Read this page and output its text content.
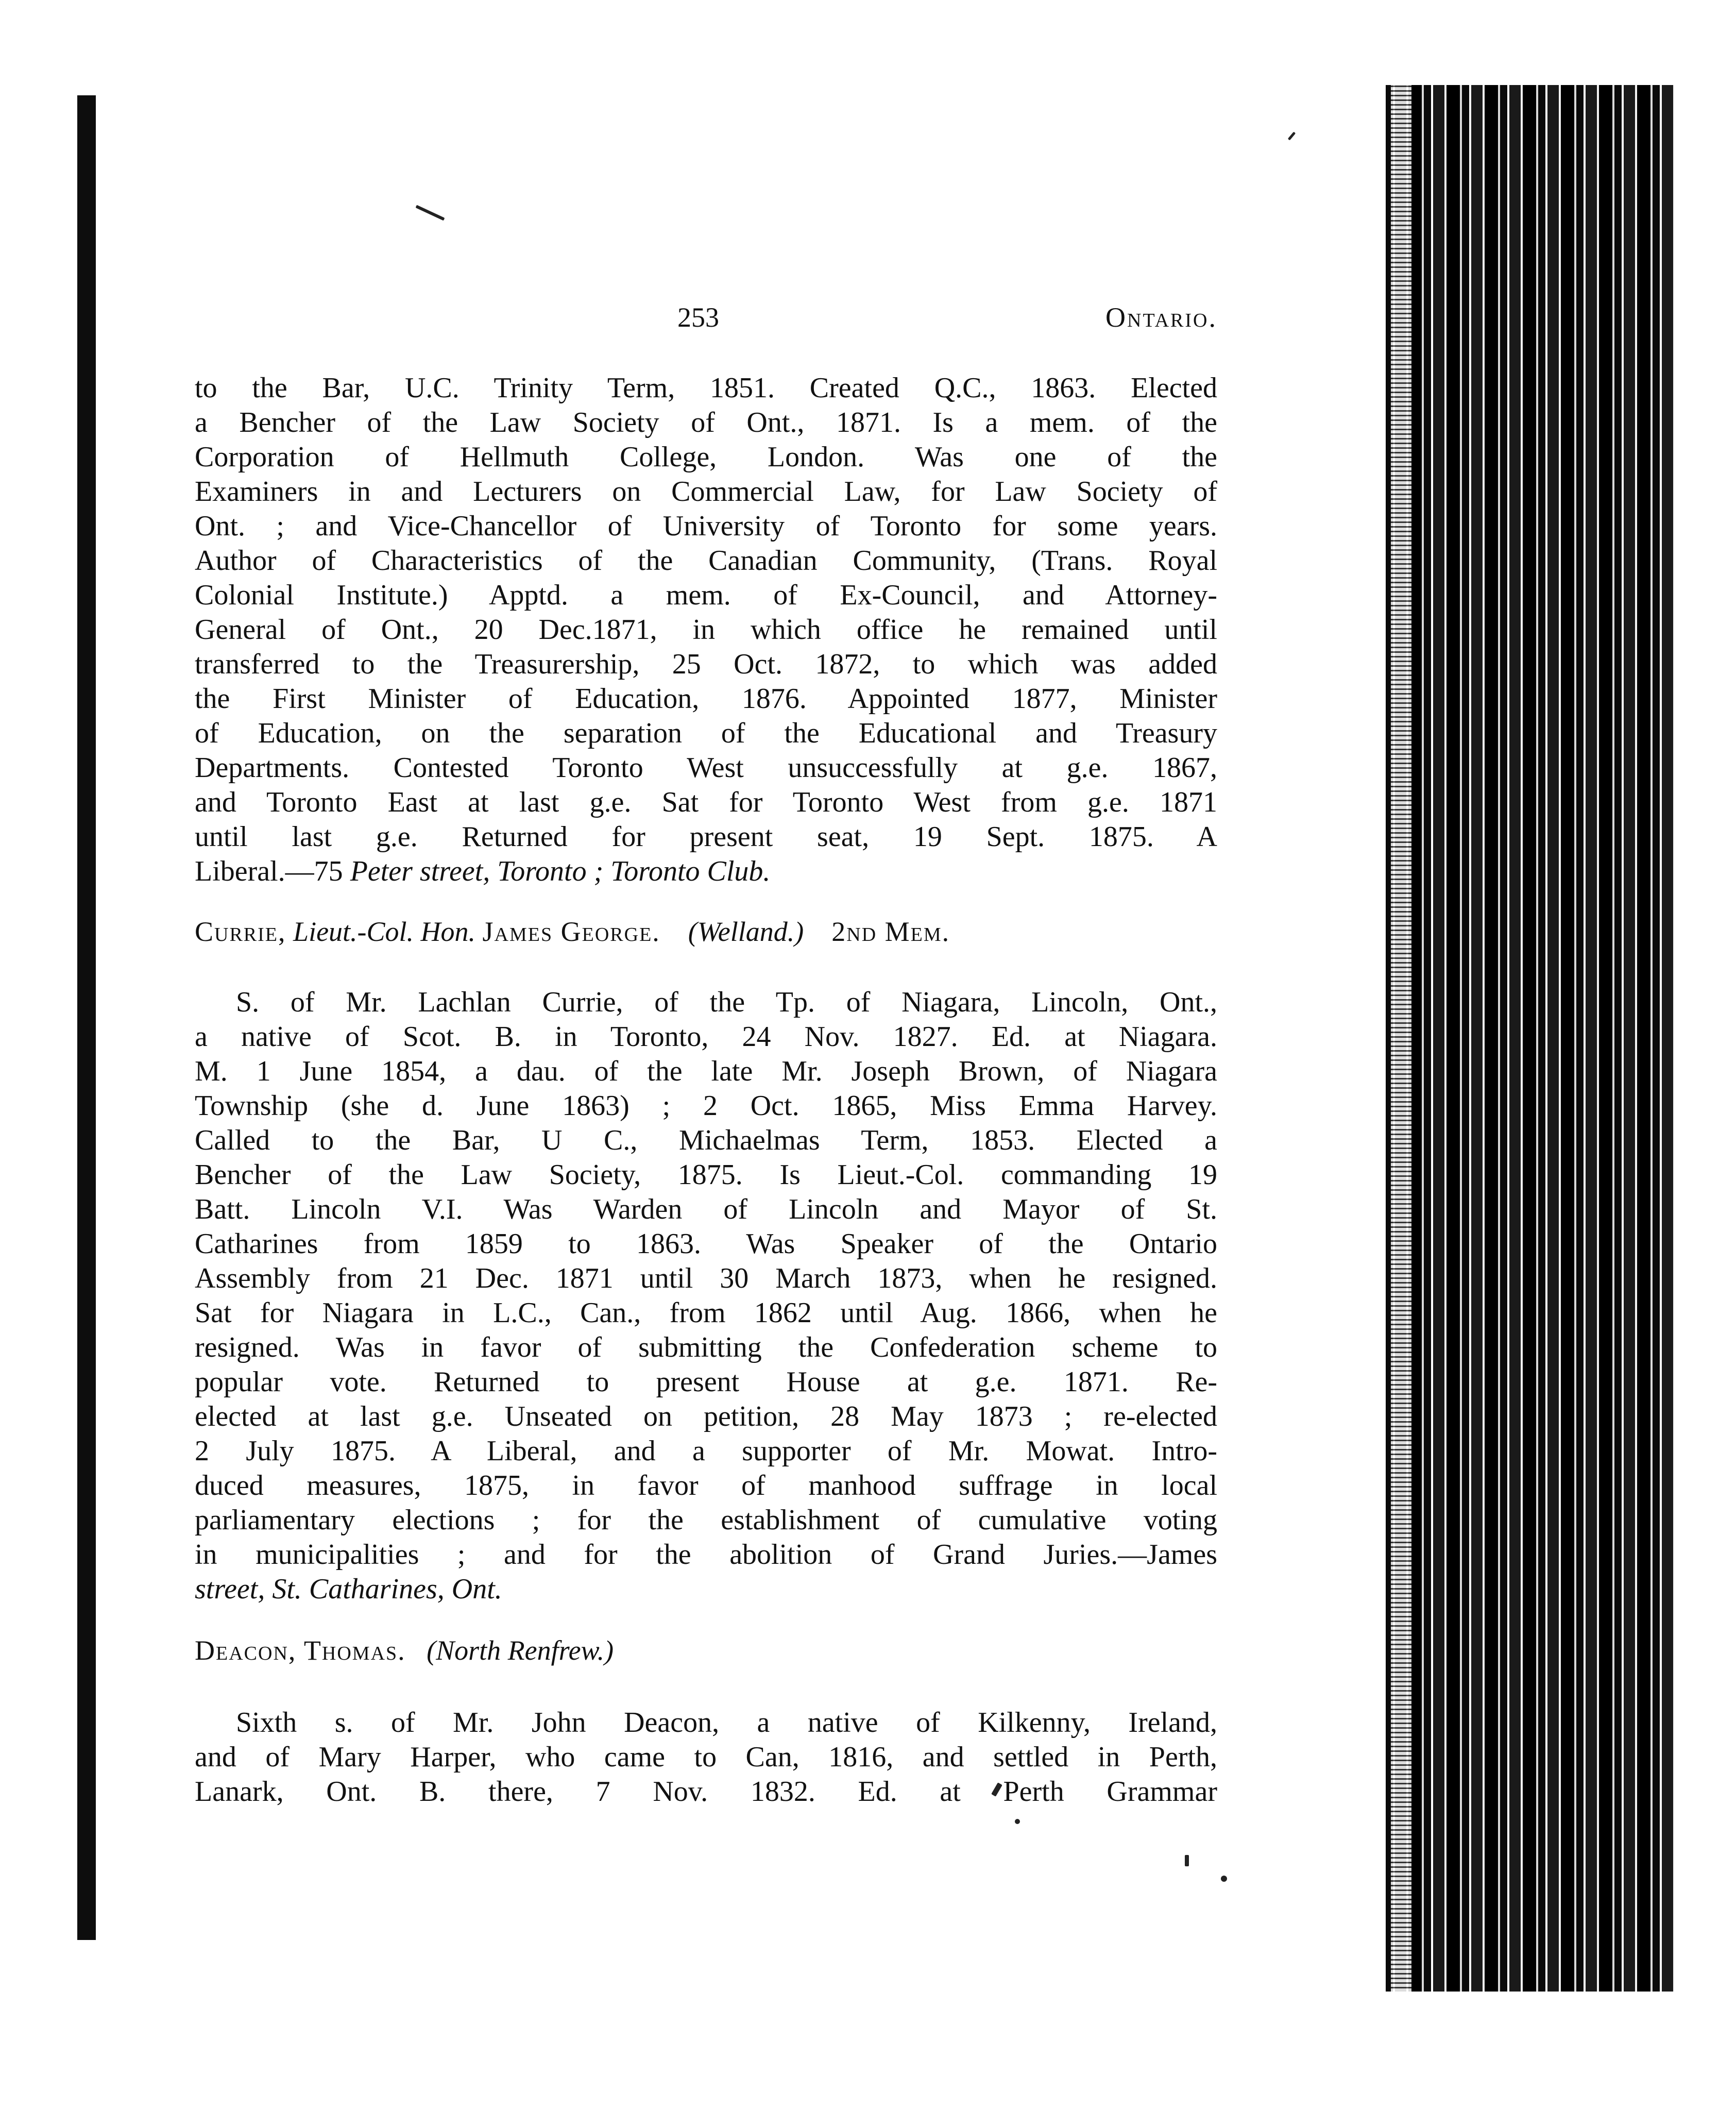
253	Ontario.
to the Bar, U.C. Trinity Term, 1851. Created Q.C., 1863. Elected
a Bencher of the Law Society of Ont., 1871. Is a mem. of the
Corporation of Hellmuth College, London. Was one of the
Examiners in and Lecturers on Commercial Law, for Law Society of
Ont. ; and Vice-Chancellor of University of Toronto for some years.
Author of Characteristics of the Canadian Community, (Trans. Royal
Colonial Institute.) Apptd. a mem. of Ex-Council, and Attorney-
General of Ont., 20 Dec.1871, in which office he remained until
transferred to the Treasurership, 25 Oct. 1872, to which was added
the First Minister of Education, 1876. Appointed 1877, Minister
of Education, on the separation of the Educational and Treasury
Departments. Contested Toronto West unsuccessfully at g.e. 1867,
and Toronto East at last g.e. Sat for Toronto West from g.e. 1871
until last g.e. Returned for present seat, 19 Sept. 1875. A
Liberal.—75 Peter street, Toronto ; Toronto Club.
Currie, Lieut.-Col. Hon. James George. (Welland.) 2nd Mem.
S. of Mr. Lachlan Currie, of the Tp. of Niagara, Lincoln, Ont.,
a native of Scot. B. in Toronto, 24 Nov. 1827. Ed. at Niagara.
M. 1 June 1854, a dau. of the late Mr. Joseph Brown, of Niagara
Township (she d. June 1863) ; 2 Oct. 1865, Miss Emma Harvey.
Called to the Bar, U C., Michaelmas Term, 1853. Elected a
Bencher of the Law Society, 1875. Is Lieut.-Col. commanding 19
Batt. Lincoln V.I. Was Warden of Lincoln and Mayor of St.
Catharines from 1859 to 1863. Was Speaker of the Ontario
Assembly from 21 Dec. 1871 until 30 March 1873, when he resigned.
Sat for Niagara in L.C., Can., from 1862 until Aug. 1866, when he
resigned. Was in favor of submitting the Confederation scheme to
popular vote. Returned to present House at g.e. 1871. Re-
elected at last g.e. Unseated on petition, 28 May 1873 ; re-elected
2 July 1875. A Liberal, and a supporter of Mr. Mowat. Intro-
duced measures, 1875, in favor of manhood suffrage in local
parliamentary elections ; for the establishment of cumulative voting
in municipalities ; and for the abolition of Grand Juries.—James
street, St. Catharines, Ont.
Deacon, Thomas. (North Renfrew.)
Sixth s. of Mr. John Deacon, a native of Kilkenny, Ireland,
and of Mary Harper, who came to Can, 1816, and settled in Perth,
Lanark, Ont. B. there, 7 Nov. 1832. Ed. at Perth Grammar
